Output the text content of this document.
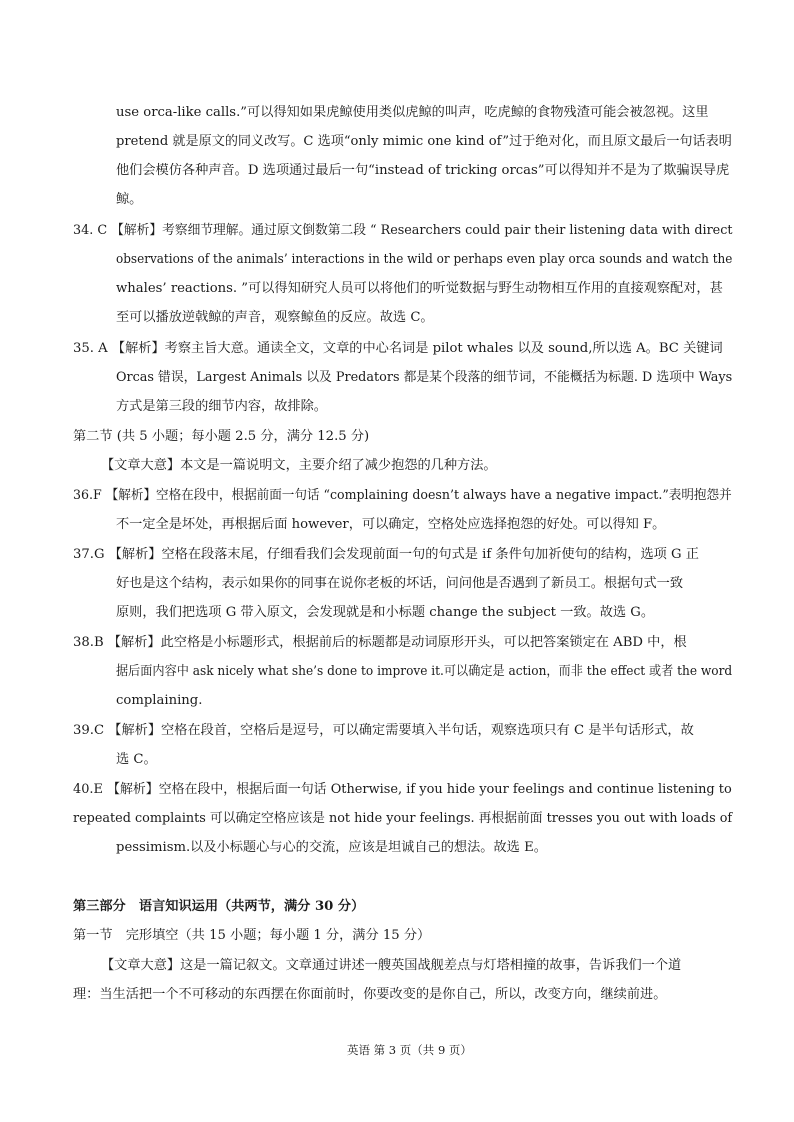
use orca-like calls.”可以得知如果虎鲸使用类似虎鲸的叫声，吃虎鲸的食物残渣可能会被忽视。这里
pretend 就是原文的同义改写。C 选项“only mimic one kind of”过于绝对化，而且原文最后一句话表明
他们会模仿各种声音。D 选项通过最后一句“instead of tricking orcas”可以得知并不是为了欺骗误导虎
鲸。
34. C 【解析】考察细节理解。通过原文倒数第二段 “ Researchers could pair their listening data with direct
observations of the animals’ interactions in the wild or perhaps even play orca sounds and watch the
whales’ reactions. ”可以得知研究人员可以将他们的听觉数据与野生动物相互作用的直接观察配对，甚
至可以播放逆戟鲸的声音，观察鲸鱼的反应。故选 C。
35. A 【解析】考察主旨大意。通读全文，文章的中心名词是 pilot whales 以及 sound,所以选 A。BC 关键词
Orcas 错误，Largest Animals 以及 Predators 都是某个段落的细节词，不能概括为标题. D 选项中 Ways
方式是第三段的细节内容，故排除。
第二节 (共 5 小题；每小题 2.5 分，满分 12.5 分)
【文章大意】本文是一篇说明文，主要介绍了减少抱怨的几种方法。
36.F 【解析】空格在段中，根据前面一句话 “complaining doesn’t always have a negative impact.”表明抱怨并
不一定全是坏处，再根据后面 however，可以确定，空格处应选择抱怨的好处。可以得知 F。
37.G 【解析】空格在段落末尾，仔细看我们会发现前面一句的句式是 if 条件句加祈使句的结构，选项 G 正
好也是这个结构，表示如果你的同事在说你老板的坏话，问问他是否遇到了新员工。根据句式一致
原则，我们把选项 G 带入原文，会发现就是和小标题 change the subject 一致。故选 G。
38.B 【解析】此空格是小标题形式，根据前后的标题都是动词原形开头，可以把答案锁定在 ABD 中，根
据后面内容中 ask nicely what she’s done to improve it.可以确定是 action，而非 the effect 或者 the word
complaining.
39.C 【解析】空格在段首，空格后是逗号，可以确定需要填入半句话，观察选项只有 C 是半句话形式，故
选 C。
40.E 【解析】空格在段中，根据后面一句话 Otherwise, if you hide your feelings and continue listening to
repeated complaints 可以确定空格应该是 not hide your feelings. 再根据前面 tresses you out with loads of
pessimism.以及小标题心与心的交流，应该是坦诚自己的想法。故选 E。
第三部分　语言知识运用（共两节，满分 30 分）
第一节　完形填空（共 15 小题；每小题 1 分，满分 15 分）
【文章大意】这是一篇记叙文。文章通过讲述一艘英国战舰差点与灯塔相撞的故事，告诉我们一个道
理：当生活把一个不可移动的东西摆在你面前时，你要改变的是你自己，所以，改变方向，继续前进。
英语 第 3 页（共 9 页）
